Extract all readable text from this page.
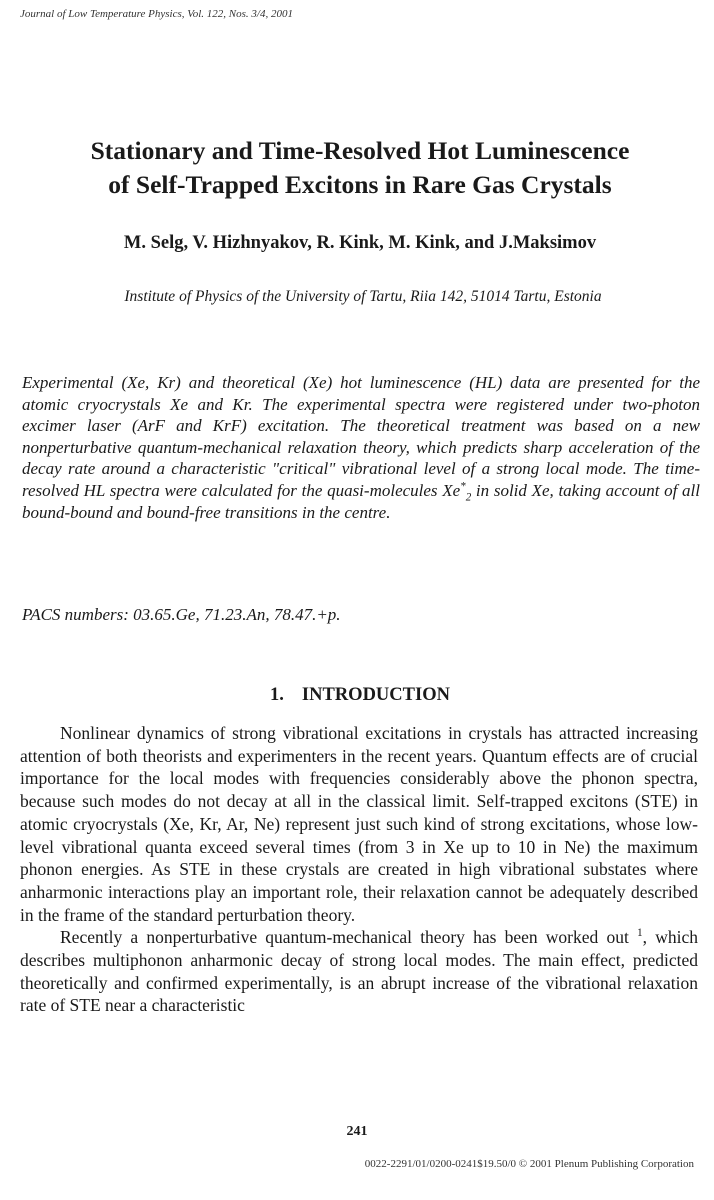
Journal of Low Temperature Physics, Vol. 122, Nos. 3/4, 2001
Stationary and Time-Resolved Hot Luminescence
of Self-Trapped Excitons in Rare Gas Crystals
M. Selg, V. Hizhnyakov, R. Kink, M. Kink, and J.Maksimov
Institute of Physics of the University of Tartu, Riia 142, 51014 Tartu, Estonia

Experimental (Xe, Kr) and theoretical (Xe) hot luminescence (HL) data are presented for the atomic cryocrystals Xe and Kr. The experimental spectra were registered under two-photon excimer laser (ArF and KrF) excitation. The theoretical treatment was based on a new nonperturbative quantum-mechanical relaxation theory, which predicts sharp acceleration of the decay rate around a characteristic "critical" vibrational level of a strong local mode. The time-resolved HL spectra were calculated for the quasi-molecules $Xe^*_2$ in solid Xe, taking account of all bound-bound and bound-free transitions in the centre.

PACS numbers: 03.65.Ge, 71.23.An, 78.47.+p.
1. INTRODUCTION

Nonlinear dynamics of strong vibrational excitations in crystals has attracted increasing attention of both theorists and experimenters in the recent years. Quantum effects are of crucial importance for the local modes with frequencies considerably above the phonon spectra, because such modes do not decay at all in the classical limit. Self-trapped excitons (STE) in atomic cryocrystals (Xe, Kr, Ar, Ne) represent just such kind of strong excitations, whose low-level vibrational quanta exceed several times (from 3 in Xe up to 10 in Ne) the maximum phonon energies. As STE in these crystals are created in high vibrational substates where anharmonic interactions play an important role, their relaxation cannot be adequately described in the frame of the standard perturbation theory.

Recently a nonperturbative quantum-mechanical theory has been worked out $^1$, which describes multiphonon anharmonic decay of strong local modes. The main effect, predicted theoretically and confirmed experimentally, is an abrupt increase of the vibrational relaxation rate of STE near a characteristic

241
0022-2291/01/0200-0241$19.50/0 © 2001 Plenum Publishing Corporation
